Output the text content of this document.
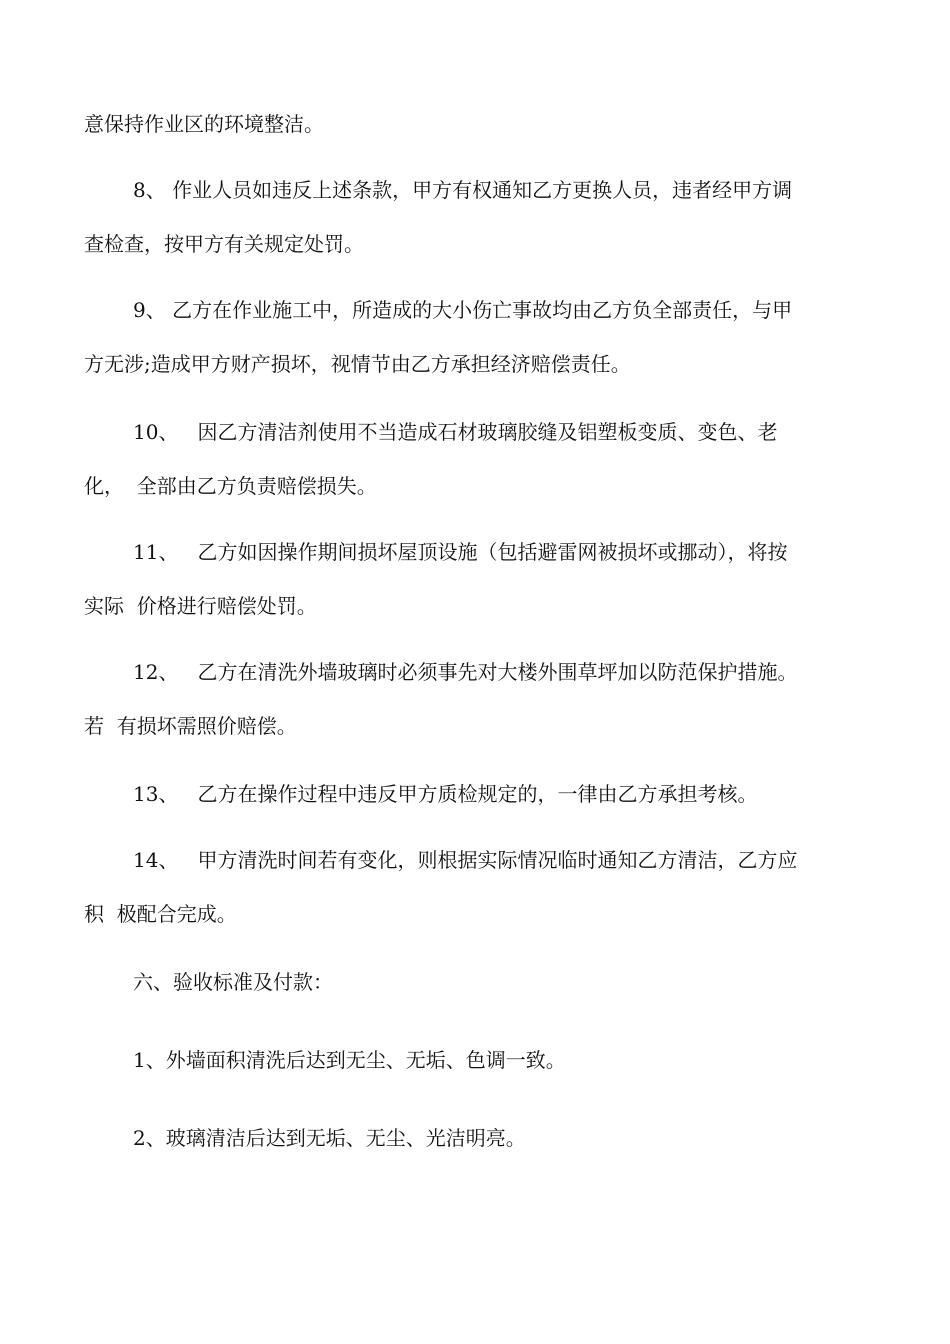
意保持作业区的环境整洁。
8、 作业人员如违反上述条款，甲方有权通知乙方更换人员，违者经甲方调
查检查，按甲方有关规定处罚。
9、 乙方在作业施工中，所造成的大小伤亡事故均由乙方负全部责任，与甲
方无涉;造成甲方财产损坏，视情节由乙方承担经济赔偿责任。
10、   因乙方清洁剂使用不当造成石材玻璃胶缝及铝塑板变质、变色、老
化，  全部由乙方负责赔偿损失。
11、   乙方如因操作期间损坏屋顶设施（包括避雷网被损坏或挪动），将按
实际  价格进行赔偿处罚。
12、   乙方在清洗外墙玻璃时必须事先对大楼外围草坪加以防范保护措施。
若  有损坏需照价赔偿。
13、   乙方在操作过程中违反甲方质检规定的，一律由乙方承担考核。
14、   甲方清洗时间若有变化，则根据实际情况临时通知乙方清洁，乙方应
积  极配合完成。
六、验收标准及付款：
1、外墙面积清洗后达到无尘、无垢、色调一致。
2、玻璃清洁后达到无垢、无尘、光洁明亮。
